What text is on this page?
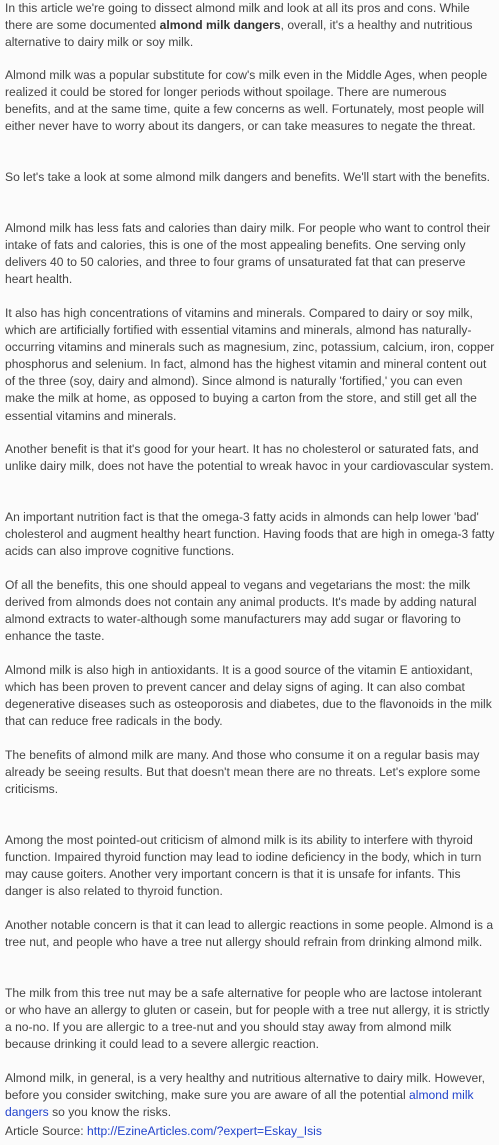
In this article we're going to dissect almond milk and look at all its pros and cons. While there are some documented almond milk dangers, overall, it's a healthy and nutritious alternative to dairy milk or soy milk.

Almond milk was a popular substitute for cow's milk even in the Middle Ages, when people realized it could be stored for longer periods without spoilage. There are numerous benefits, and at the same time, quite a few concerns as well. Fortunately, most people will either never have to worry about its dangers, or can take measures to negate the threat.

So let's take a look at some almond milk dangers and benefits. We'll start with the benefits.

Almond milk has less fats and calories than dairy milk. For people who want to control their intake of fats and calories, this is one of the most appealing benefits. One serving only delivers 40 to 50 calories, and three to four grams of unsaturated fat that can preserve heart health.

It also has high concentrations of vitamins and minerals. Compared to dairy or soy milk, which are artificially fortified with essential vitamins and minerals, almond has naturally-occurring vitamins and minerals such as magnesium, zinc, potassium, calcium, iron, copper phosphorus and selenium. In fact, almond has the highest vitamin and mineral content out of the three (soy, dairy and almond). Since almond is naturally 'fortified,' you can even make the milk at home, as opposed to buying a carton from the store, and still get all the essential vitamins and minerals.

Another benefit is that it's good for your heart. It has no cholesterol or saturated fats, and unlike dairy milk, does not have the potential to wreak havoc in your cardiovascular system.

An important nutrition fact is that the omega-3 fatty acids in almonds can help lower 'bad' cholesterol and augment healthy heart function. Having foods that are high in omega-3 fatty acids can also improve cognitive functions.

Of all the benefits, this one should appeal to vegans and vegetarians the most: the milk derived from almonds does not contain any animal products. It's made by adding natural almond extracts to water-although some manufacturers may add sugar or flavoring to enhance the taste.

Almond milk is also high in antioxidants. It is a good source of the vitamin E antioxidant, which has been proven to prevent cancer and delay signs of aging. It can also combat degenerative diseases such as osteoporosis and diabetes, due to the flavonoids in the milk that can reduce free radicals in the body.

The benefits of almond milk are many. And those who consume it on a regular basis may already be seeing results. But that doesn't mean there are no threats. Let's explore some criticisms.

Among the most pointed-out criticism of almond milk is its ability to interfere with thyroid function. Impaired thyroid function may lead to iodine deficiency in the body, which in turn may cause goiters. Another very important concern is that it is unsafe for infants. This danger is also related to thyroid function.

Another notable concern is that it can lead to allergic reactions in some people. Almond is a tree nut, and people who have a tree nut allergy should refrain from drinking almond milk.

The milk from this tree nut may be a safe alternative for people who are lactose intolerant or who have an allergy to gluten or casein, but for people with a tree nut allergy, it is strictly a no-no. If you are allergic to a tree-nut and you should stay away from almond milk because drinking it could lead to a severe allergic reaction.

Almond milk, in general, is a very healthy and nutritious alternative to dairy milk. However, before you consider switching, make sure you are aware of all the potential almond milk dangers so you know the risks.

Article Source: http://EzineArticles.com/?expert=Eskay_Isis
